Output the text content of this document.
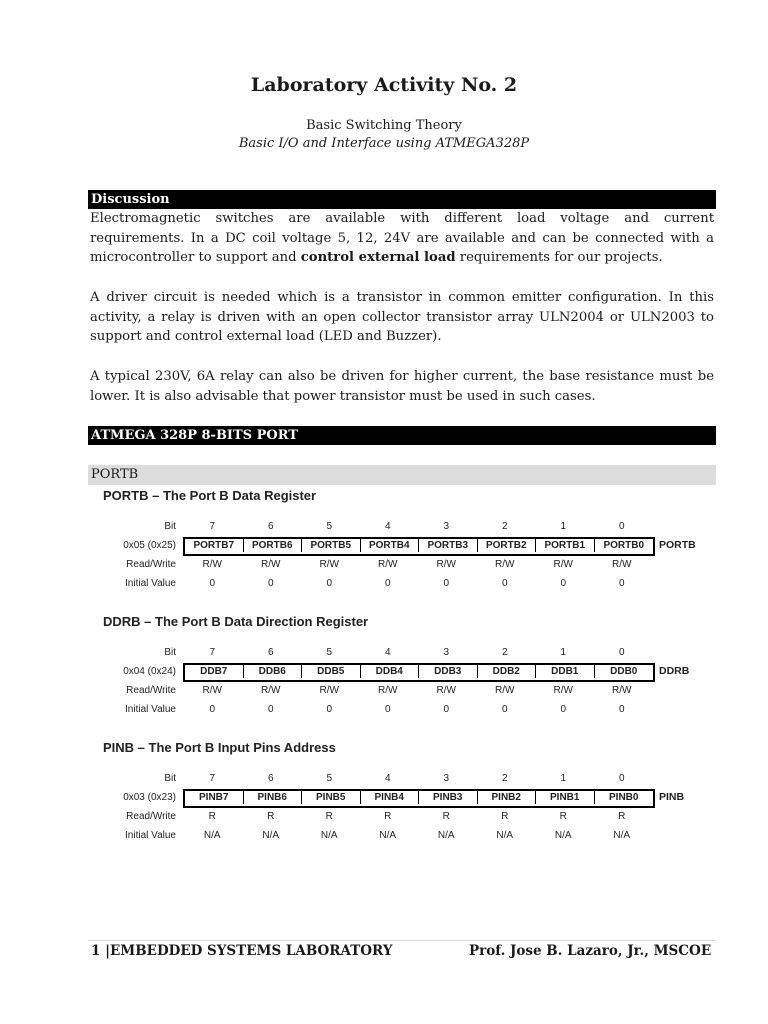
Laboratory Activity No. 2
Basic Switching Theory
Basic I/O and Interface using ATMEGA328P
Discussion

Electromagnetic switches are available with different load voltage and current requirements. In a DC coil voltage 5, 12, 24V are available and can be connected with a microcontroller to support and control external load requirements for our projects.

A driver circuit is needed which is a transistor in common emitter configuration. In this activity, a relay is driven with an open collector transistor array ULN2004 or ULN2003 to support and control external load (LED and Buzzer).

A typical 230V, 6A relay can also be driven for higher current, the base resistance must be lower. It is also advisable that power transistor must be used in such cases.

ATMEGA 328P 8-BITS PORT
PORTB
PORTB – The Port B Data Register
Bit	7	6	5	4	3	2	1	0
0x05 (0x25)	PORTB7	PORTB6	PORTB5	PORTB4	PORTB3	PORTB2	PORTB1	PORTB0	PORTB
Read/Write	R/W	R/W	R/W	R/W	R/W	R/W	R/W	R/W
Initial Value	0	0	0	0	0	0	0	0
DDRB – The Port B Data Direction Register
Bit	7	6	5	4	3	2	1	0
0x04 (0x24)	DDB7	DDB6	DDB5	DDB4	DDB3	DDB2	DDB1	DDB0	DDRB
Read/Write	R/W	R/W	R/W	R/W	R/W	R/W	R/W	R/W
Initial Value	0	0	0	0	0	0	0	0
PINB – The Port B Input Pins Address
Bit	7	6	5	4	3	2	1	0
0x03 (0x23)	PINB7	PINB6	PINB5	PINB4	PINB3	PINB2	PINB1	PINB0	PINB
Read/Write	R	R	R	R	R	R	R	R
Initial Value	N/A	N/A	N/A	N/A	N/A	N/A	N/A	N/A
1 |EMBEDDED SYSTEMS LABORATORY	Prof. Jose B. Lazaro, Jr., MSCOE
